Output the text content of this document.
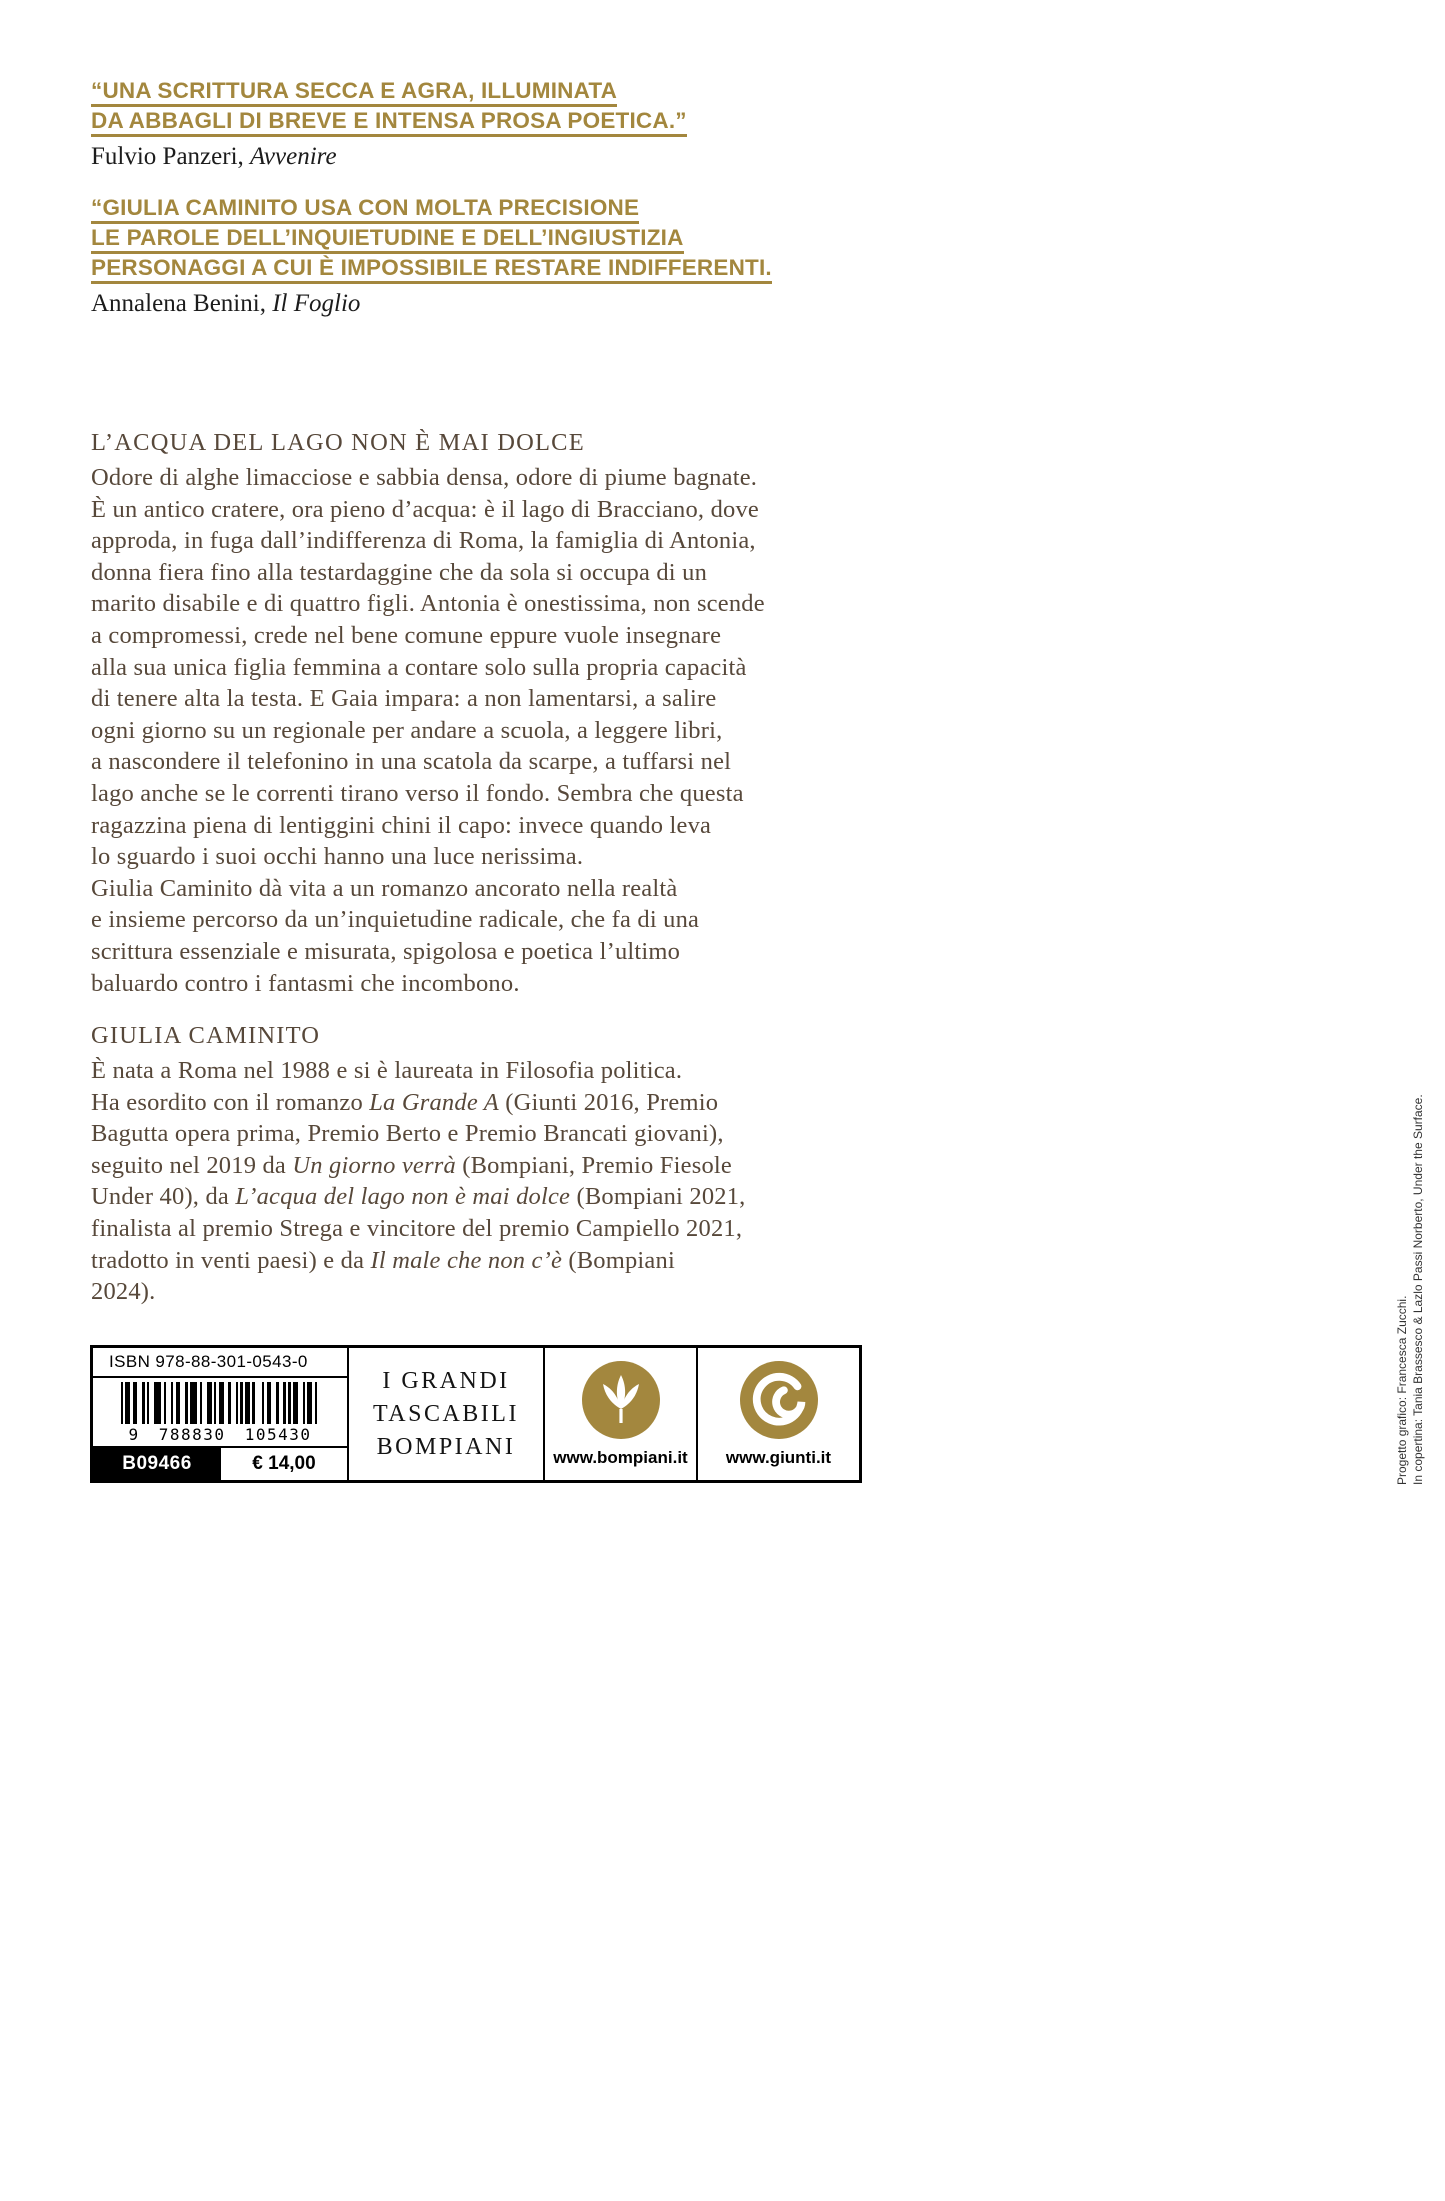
“UNA SCRITTURA SECCA E AGRA, ILLUMINATA
DA ABBAGLI DI BREVE E INTENSA PROSA POETICA.”
Fulvio Panzeri, Avvenire
“GIULIA CAMINITO USA CON MOLTA PRECISIONE
LE PAROLE DELL’INQUIETUDINE E DELL’INGIUSTIZIA
PERSONAGGI A CUI È IMPOSSIBILE RESTARE INDIFFERENTI.
Annalena Benini, Il Foglio
L’ACQUA DEL LAGO NON È MAI DOLCE
Odore di alghe limacciose e sabbia densa, odore di piume bagnate.
È un antico cratere, ora pieno d’acqua: è il lago di Bracciano, dove
approda, in fuga dall’indifferenza di Roma, la famiglia di Antonia,
donna fiera fino alla testardaggine che da sola si occupa di un
marito disabile e di quattro figli. Antonia è onestissima, non scende
a compromessi, crede nel bene comune eppure vuole insegnare
alla sua unica figlia femmina a contare solo sulla propria capacità
di tenere alta la testa. E Gaia impara: a non lamentarsi, a salire
ogni giorno su un regionale per andare a scuola, a leggere libri,
a nascondere il telefonino in una scatola da scarpe, a tuffarsi nel
lago anche se le correnti tirano verso il fondo. Sembra che questa
ragazzina piena di lentiggini chini il capo: invece quando leva
lo sguardo i suoi occhi hanno una luce nerissima.
Giulia Caminito dà vita a un romanzo ancorato nella realtà
e insieme percorso da un’inquietudine radicale, che fa di una
scrittura essenziale e misurata, spigolosa e poetica l’ultimo
baluardo contro i fantasmi che incombono.
GIULIA CAMINITO
È nata a Roma nel 1988 e si è laureata in Filosofia politica.
Ha esordito con il romanzo La Grande A (Giunti 2016, Premio
Bagutta opera prima, Premio Berto e Premio Brancati giovani),
seguito nel 2019 da Un giorno verrà (Bompiani, Premio Fiesole
Under 40), da L’acqua del lago non è mai dolce (Bompiani 2021,
finalista al premio Strega e vincitore del premio Campiello 2021,
tradotto in venti paesi) e da Il male che non c’è (Bompiani
2024).
ISBN 978-88-301-0543-0
9 788830 105430
B09466	€ 14,00
I GRANDI
TASCABILI
BOMPIANI www.bompiani.it www.giunti.it	Progetto grafico: Francesca Zucchi. In copertina: Tania Brassesco & Lazlo Passi Norberto, Under the Surface.
